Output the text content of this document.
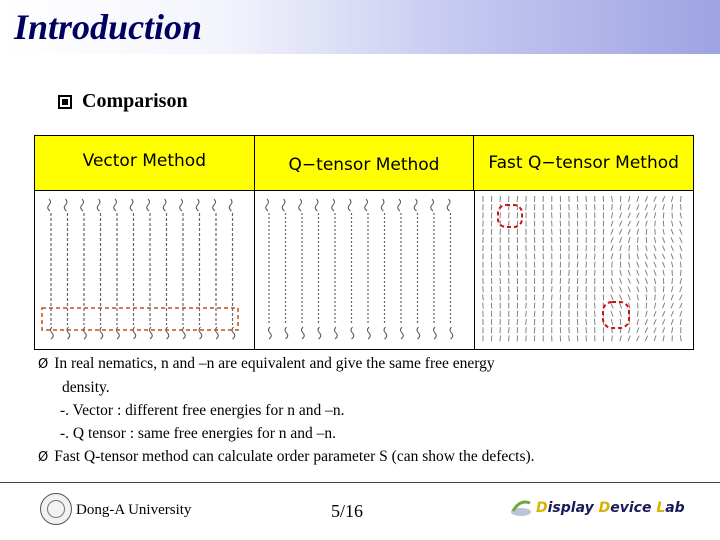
Introduction
Comparison
Vector Method	Q−tensor Method	Fast Q−tensor Method
Ø In real nematics, n and –n are equivalent and give the same free energy
density.
-. Vector : different free energies for n and –n.
-. Q tensor : same free energies for n and –n.
Ø Fast Q-tensor method can calculate order parameter S (can show the defects).
Dong-A University	5/16	Display Device Lab
